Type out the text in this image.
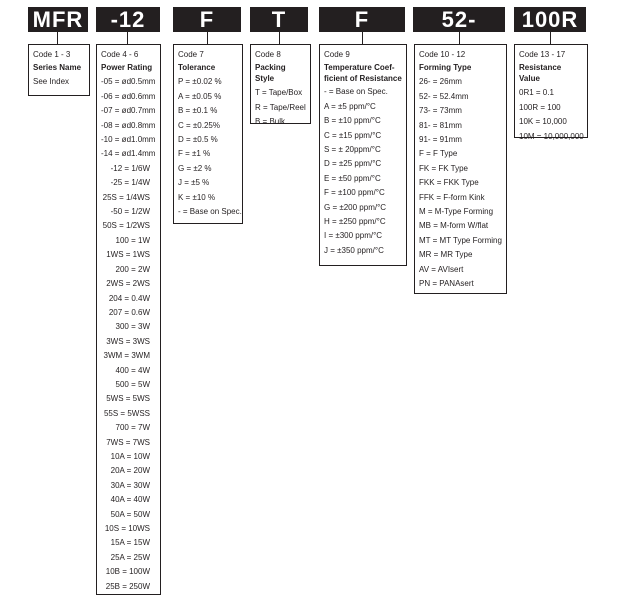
MFR	-12	F	T	F	52-	100R
Code 1 - 3
Series Name
See Index
Code 4 - 6
Power Rating
-05 = ød0.5mm
-06 = ød0.6mm
-07 = ød0.7mm
-08 = ød0.8mm
-10 = ød1.0mm
-14 = ød1.4mm
-12 = 1/6W
-25 = 1/4W
25S = 1/4WS
-50 = 1/2W
50S = 1/2WS
100 = 1W
1WS = 1WS
200 = 2W
2WS = 2WS
204 = 0.4W
207 = 0.6W
300 = 3W
3WS = 3WS
3WM = 3WM
400 = 4W
500 = 5W
5WS = 5WS
55S = 5WSS
700 = 7W
7WS = 7WS
10A = 10W
20A = 20W
30A = 30W
40A = 40W
50A = 50W
10S = 10WS
15A = 15W
25A = 25W
10B = 100W
25B = 250W
Code 7
Tolerance
P = ±0.02 %
A = ±0.05 %
B = ±0.1 %
C = ±0.25%
D = ±0.5 %
F = ±1 %
G = ±2 %
J = ±5 %
K = ±10 %
- = Base on Spec.
Code 8
Packing Style
T = Tape/Box
R = Tape/Reel
B = Bulk
Code 9
Temperature Coef-
ficient of Resistance
- = Base on Spec.
A = ±5 ppm/°C
B = ±10 ppm/°C
C = ±15 ppm/°C
S = ± 20ppm/°C
D = ±25 ppm/°C
E = ±50 ppm/°C
F = ±100 ppm/°C
G = ±200 ppm/°C
H = ±250 ppm/°C
I = ±300 ppm/°C
J = ±350 ppm/°C
Code 10 - 12
Forming Type
26- = 26mm
52- = 52.4mm
73- = 73mm
81- = 81mm
91- = 91mm
F = F Type
FK = FK Type
FKK = FKK Type
FFK = F-form Kink
M = M-Type Forming
MB = M-form W/flat
MT = MT Type Forming
MR = MR Type
AV = AVIsert
PN = PANAsert
Code 13 - 17
Resistance Value
0R1 = 0.1
100R = 100
10K = 10,000
10M = 10,000,000
